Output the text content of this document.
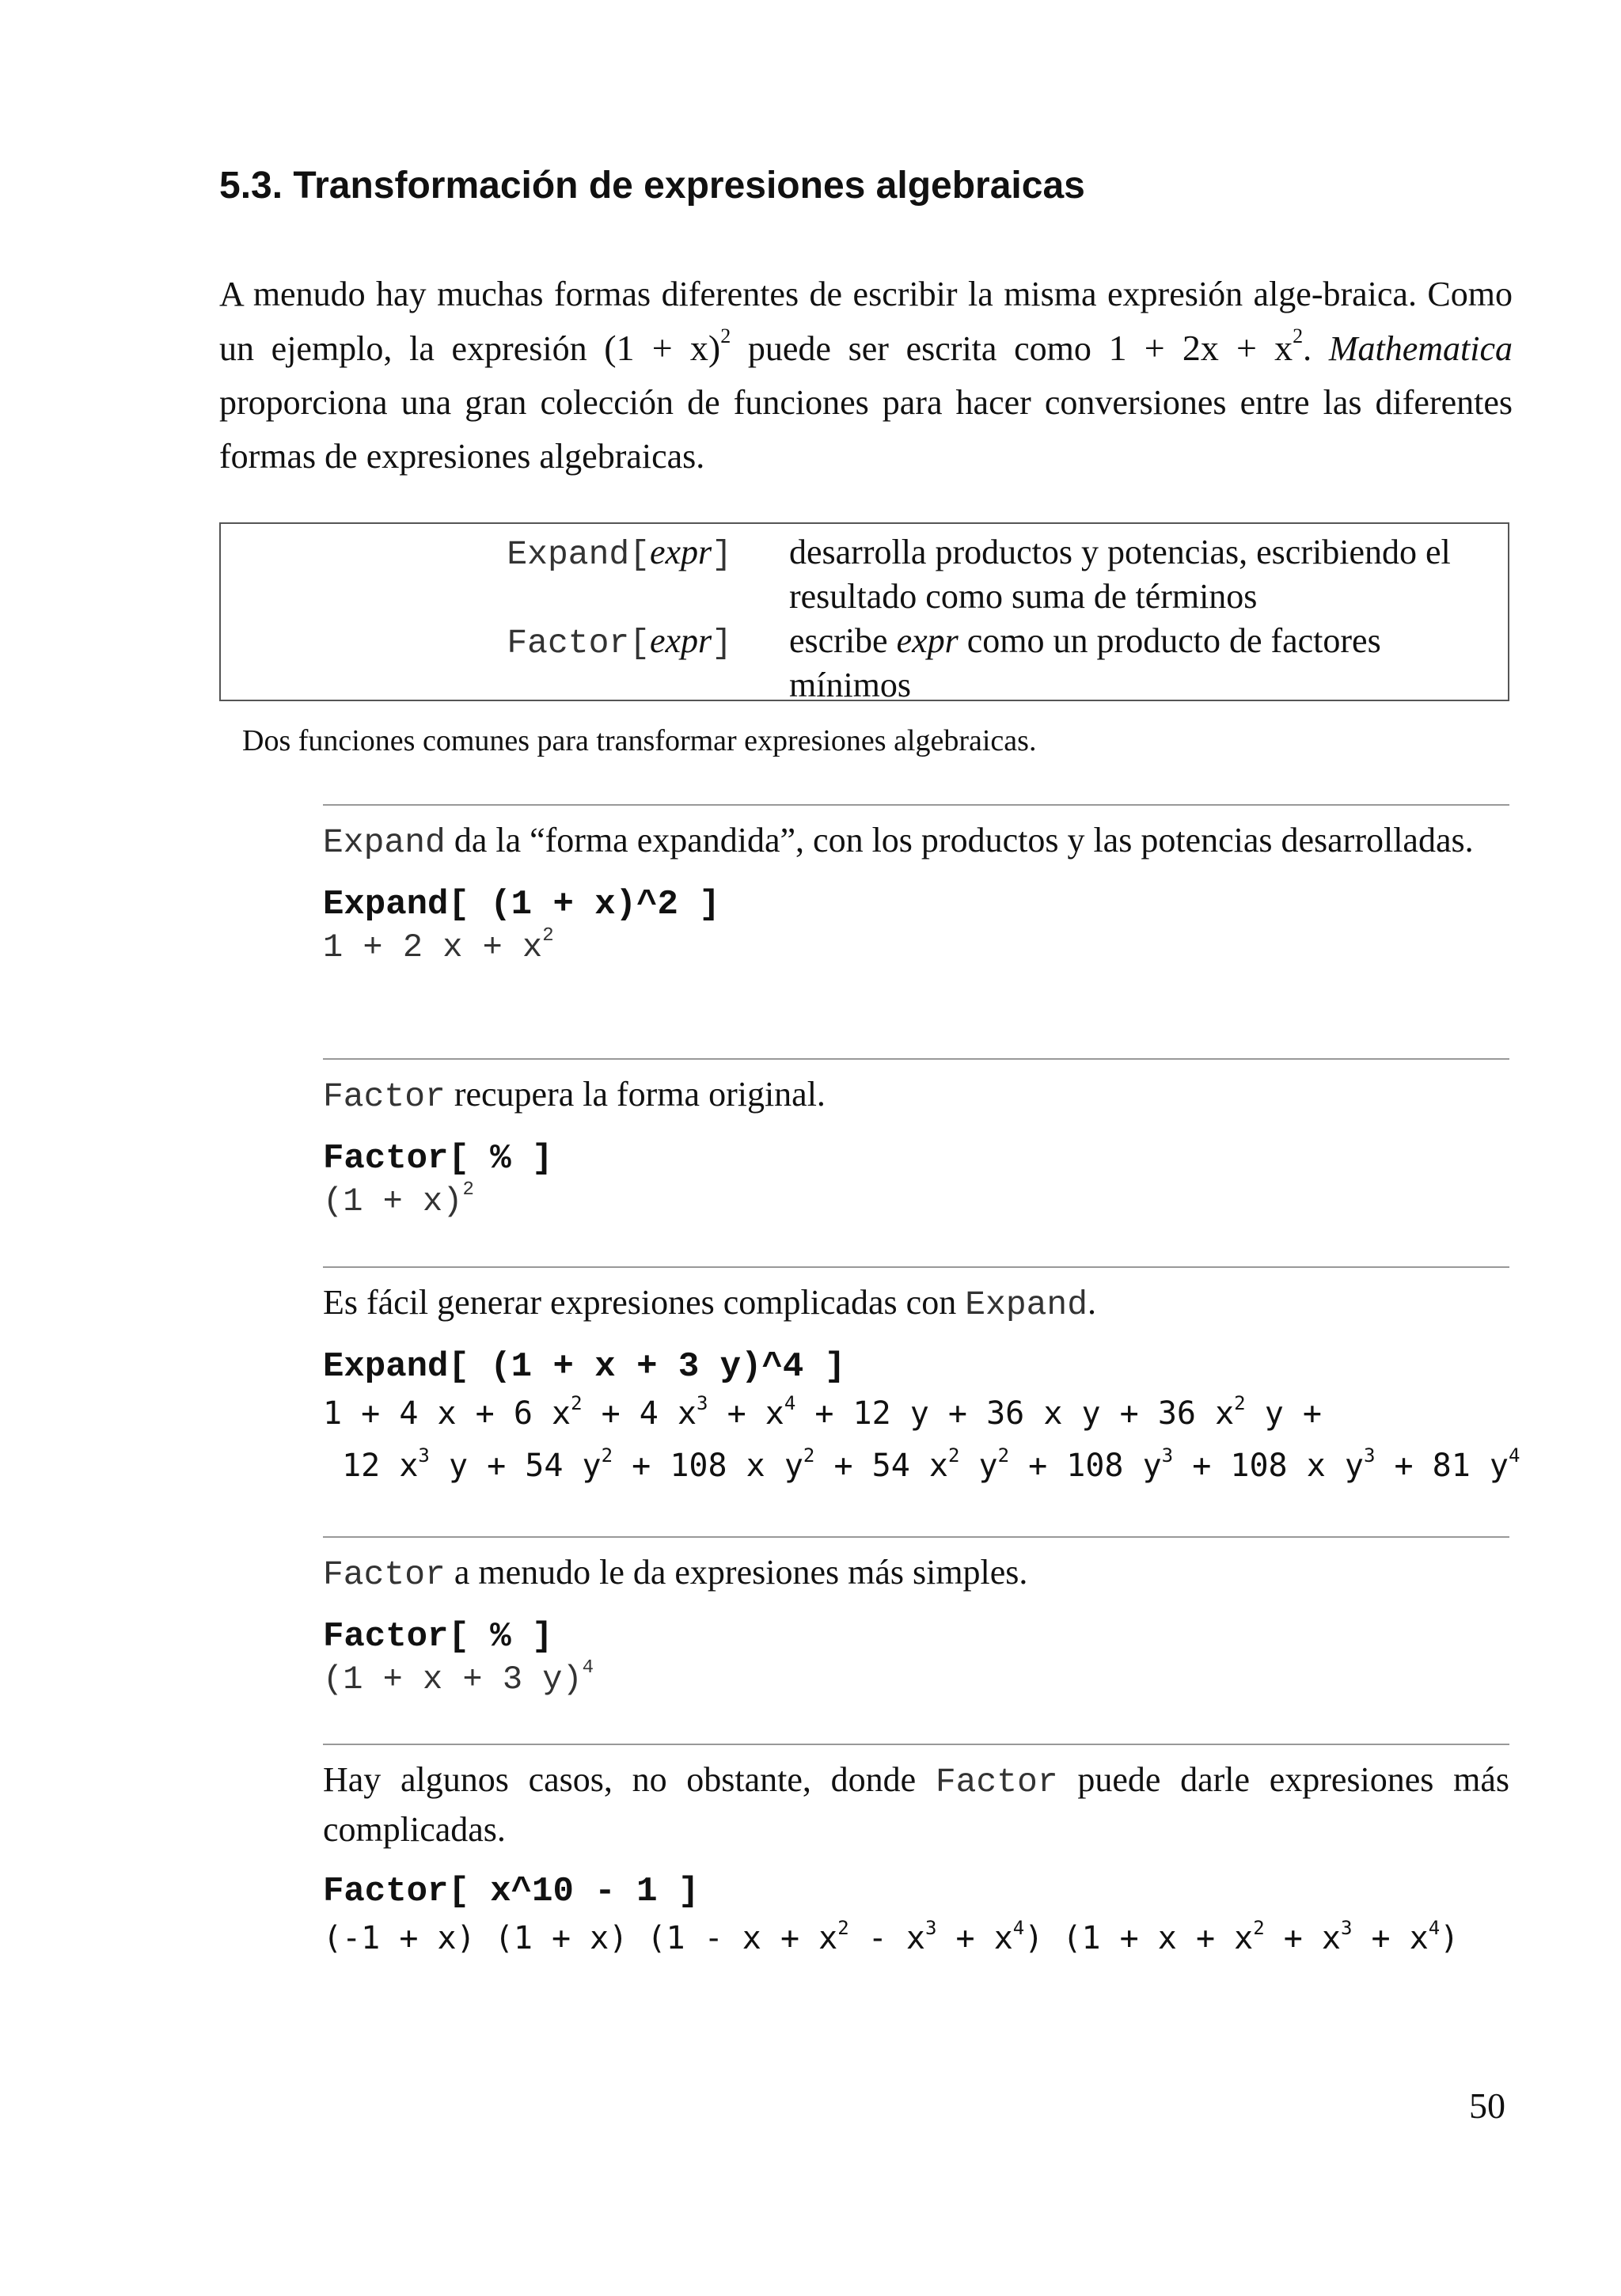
5.3. Transformación de expresiones algebraicas

A menudo hay muchas formas diferentes de escribir la misma expresión alge-braica. Como un ejemplo, la expresión $(1 + x)^2$ puede ser escrita como $1 + 2x + x^2$. Mathematica proporciona una gran colección de funciones para hacer conversiones entre las diferentes formas de expresiones algebraicas.

Expand[expr] desarrolla productos y potencias, escribiendo el resultado como suma de términos
Factor[expr] escribe expr como un producto de factores mínimos
Dos funciones comunes para transformar expresiones algebraicas.

Expand da la “forma expandida”, con los productos y las potencias desarrolladas.

Expand[ (1 + x)^2 ]

1 + 2 $x + x^2$

Factor recupera la forma original.

Factor[ % ]

$(1 + x)^2$

Es fácil generar expresiones complicadas con Expand.

Expand[ (1 + x + 3 y)^4 ]

1 + 4 x + 6 $x^2 + 4$ $x^3 + x^4 + 12$ y + 36 x y + 36 $x^2$ y +

12 $x^3$ y + 54 $y^2 + 108$ x $y^2 + 54$ $x^2$ $y^2 + 108$ $y^3 + 108$ x $y^3 + 81$ $y^4$

Factor a menudo le da expresiones más simples.

Factor[ % ]

(1 + x + 3 y)$^4$

Hay algunos casos, no obstante, donde Factor puede darle expresiones más complicadas.

Factor[ x^10 - 1 ]

(-1 + x) (1 + x) $(1 - x + x^2 - x^3 + x^4)$ $(1 + x + x^2 + x^3 + x^4)$

50
